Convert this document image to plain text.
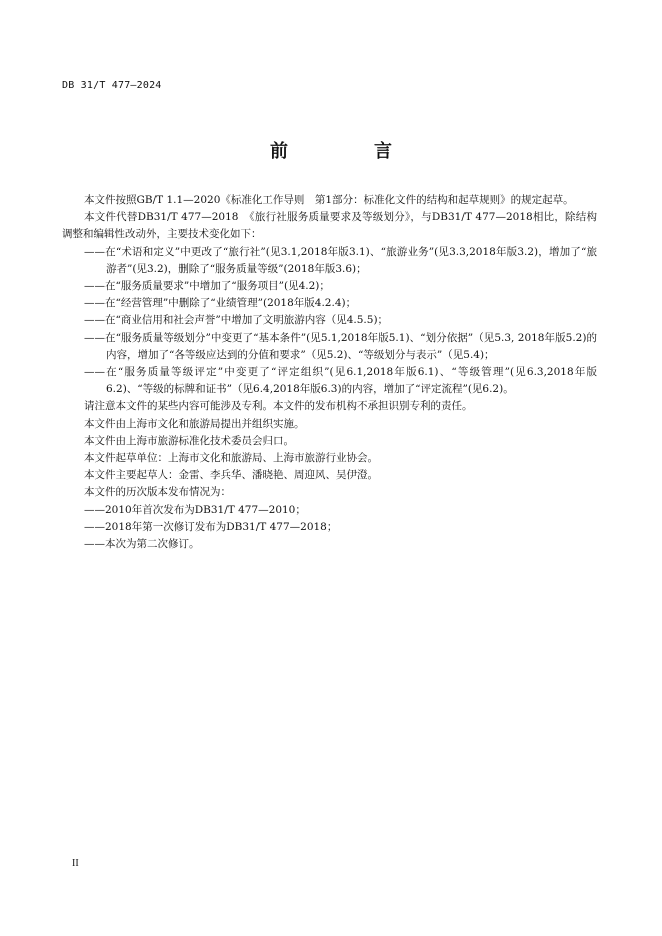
DB 31/T 477—2024
前　言

本文件按照GB/T 1.1—2020《标准化工作导则　第1部分：标准化文件的结构和起草规则》的规定起草。

本文件代替DB31/T 477—2018　《旅行社服务质量要求及等级划分》，与DB31/T 477—2018相比，除结构调整和编辑性改动外，主要技术变化如下：

——在“术语和定义”中更改了“旅行社”(见3.1,2018年版3.1)、“旅游业务”(见3.3,2018年版3.2)，增加了“旅游者”(见3.2)，删除了“服务质量等级”(2018年版3.6)；

——在“服务质量要求”中增加了“服务项目”(见4.2)；

——在“经营管理”中删除了“业绩管理”(2018年版4.2.4)；

——在“商业信用和社会声誉”中增加了文明旅游内容（见4.5.5)；

——在“服务质量等级划分”中变更了“基本条件”(见5.1,2018年版5.1)、“划分依据”（见5.3, 2018年版5.2)的内容，增加了“各等级应达到的分值和要求”（见5.2)、“等级划分与表示”（见5.4)；

——在“服务质量等级评定”中变更了“评定组织”(见6.1,2018年版6.1)、“等级管理”(见6.3,2018年版6.2)、“等级的标牌和证书”（见6.4,2018年版6.3)的内容，增加了“评定流程”(见6.2)。

请注意本文件的某些内容可能涉及专利。本文件的发布机构不承担识别专利的责任。

本文件由上海市文化和旅游局提出并组织实施。

本文件由上海市旅游标准化技术委员会归口。

本文件起草单位：上海市文化和旅游局、上海市旅游行业协会。

本文件主要起草人：金雷、李兵华、潘晓艳、周迎风、吴伊澄。

本文件的历次版本发布情况为：

——2010年首次发布为DB31/T 477—2010；

——2018年第一次修订发布为DB31/T 477—2018；

——本次为第二次修订。

II
